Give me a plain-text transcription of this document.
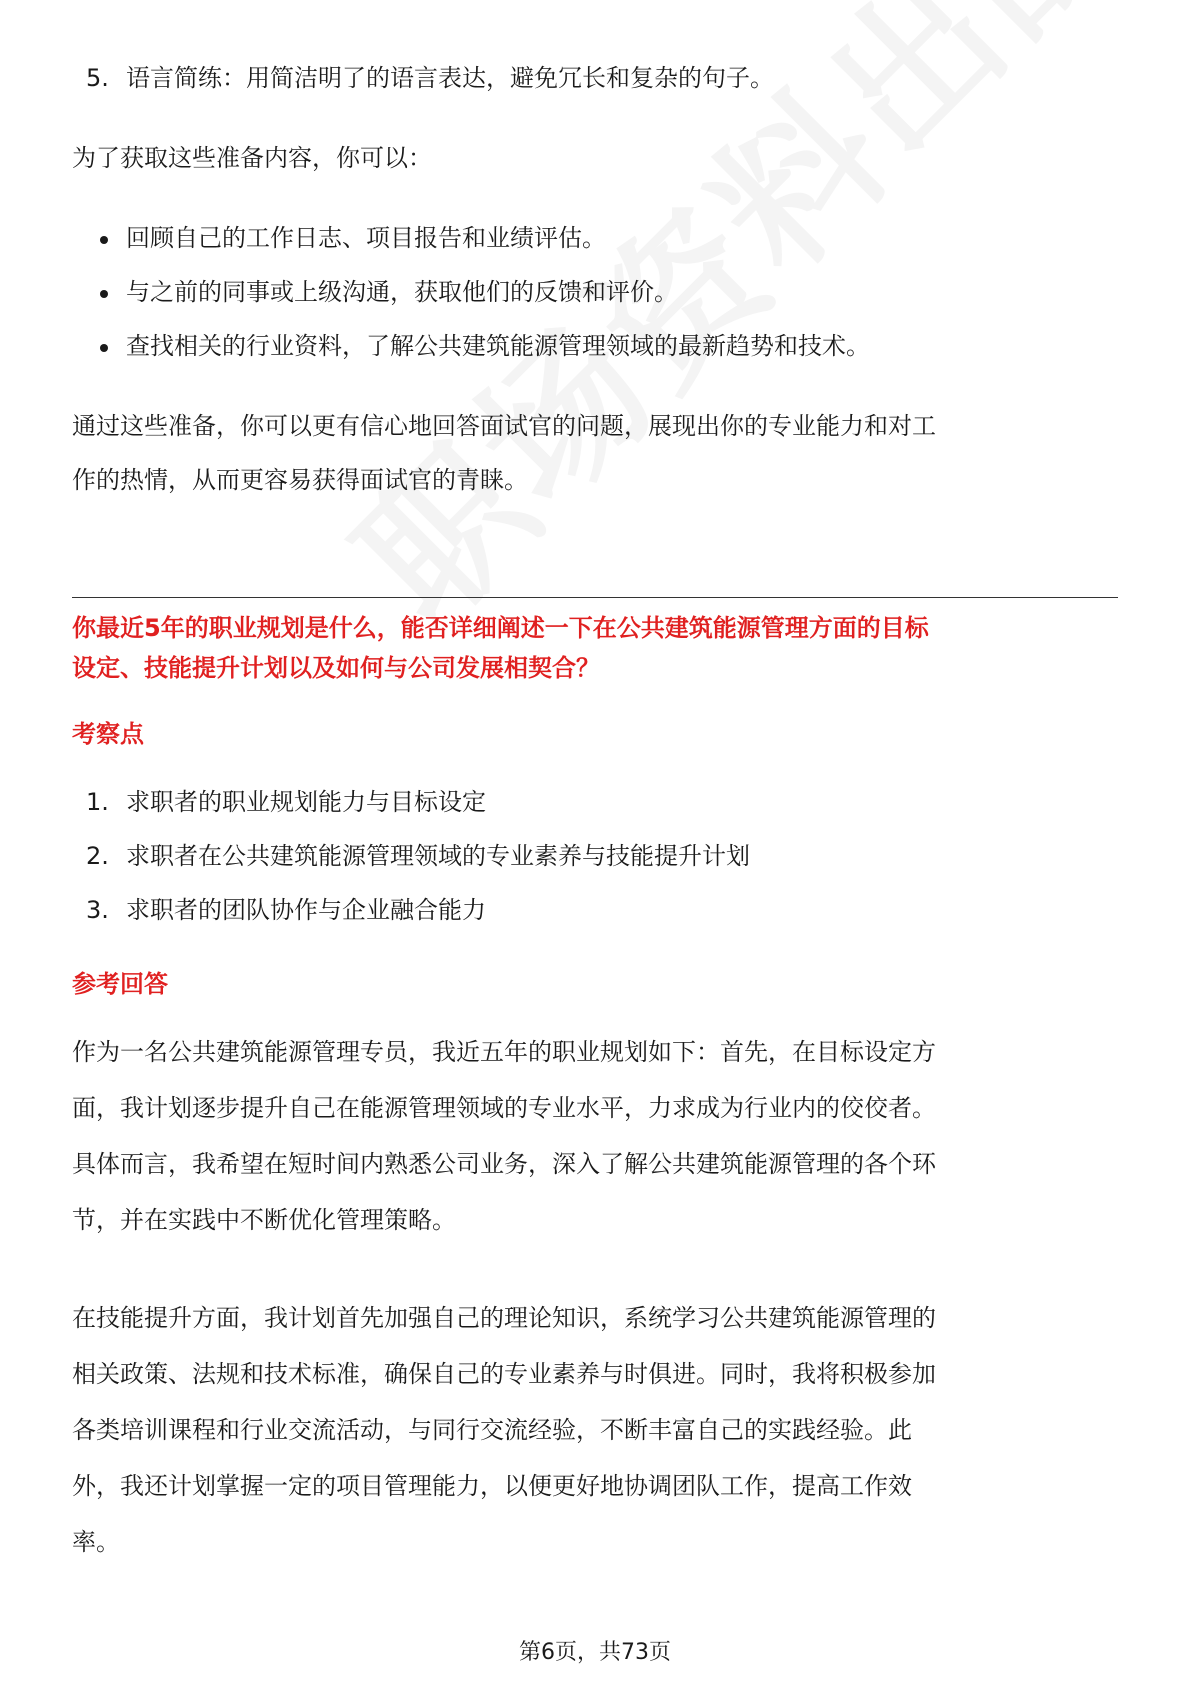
5. 语言简练：用简洁明了的语言表达，避免冗长和复杂的句子。
为了获取这些准备内容，你可以：
回顾自己的工作日志、项目报告和业绩评估。
与之前的同事或上级沟通，获取他们的反馈和评价。
查找相关的行业资料，了解公共建筑能源管理领域的最新趋势和技术。
通过这些准备，你可以更有信心地回答面试官的问题，展现出你的专业能力和对工
作的热情，从而更容易获得面试官的青睐。
你最近5年的职业规划是什么，能否详细阐述一下在公共建筑能源管理方面的目标
设定、技能提升计划以及如何与公司发展相契合？
考察点
1. 求职者的职业规划能力与目标设定
2. 求职者在公共建筑能源管理领域的专业素养与技能提升计划
3. 求职者的团队协作与企业融合能力
参考回答
作为一名公共建筑能源管理专员，我近五年的职业规划如下：首先，在目标设定方
面，我计划逐步提升自己在能源管理领域的专业水平，力求成为行业内的佼佼者。
具体而言，我希望在短时间内熟悉公司业务，深入了解公共建筑能源管理的各个环
节，并在实践中不断优化管理策略。
在技能提升方面，我计划首先加强自己的理论知识，系统学习公共建筑能源管理的
相关政策、法规和技术标准，确保自己的专业素养与时俱进。同时，我将积极参加
各类培训课程和行业交流活动，与同行交流经验，不断丰富自己的实践经验。此
外，我还计划掌握一定的项目管理能力，以便更好地协调团队工作，提高工作效
率。
第6页，共73页
